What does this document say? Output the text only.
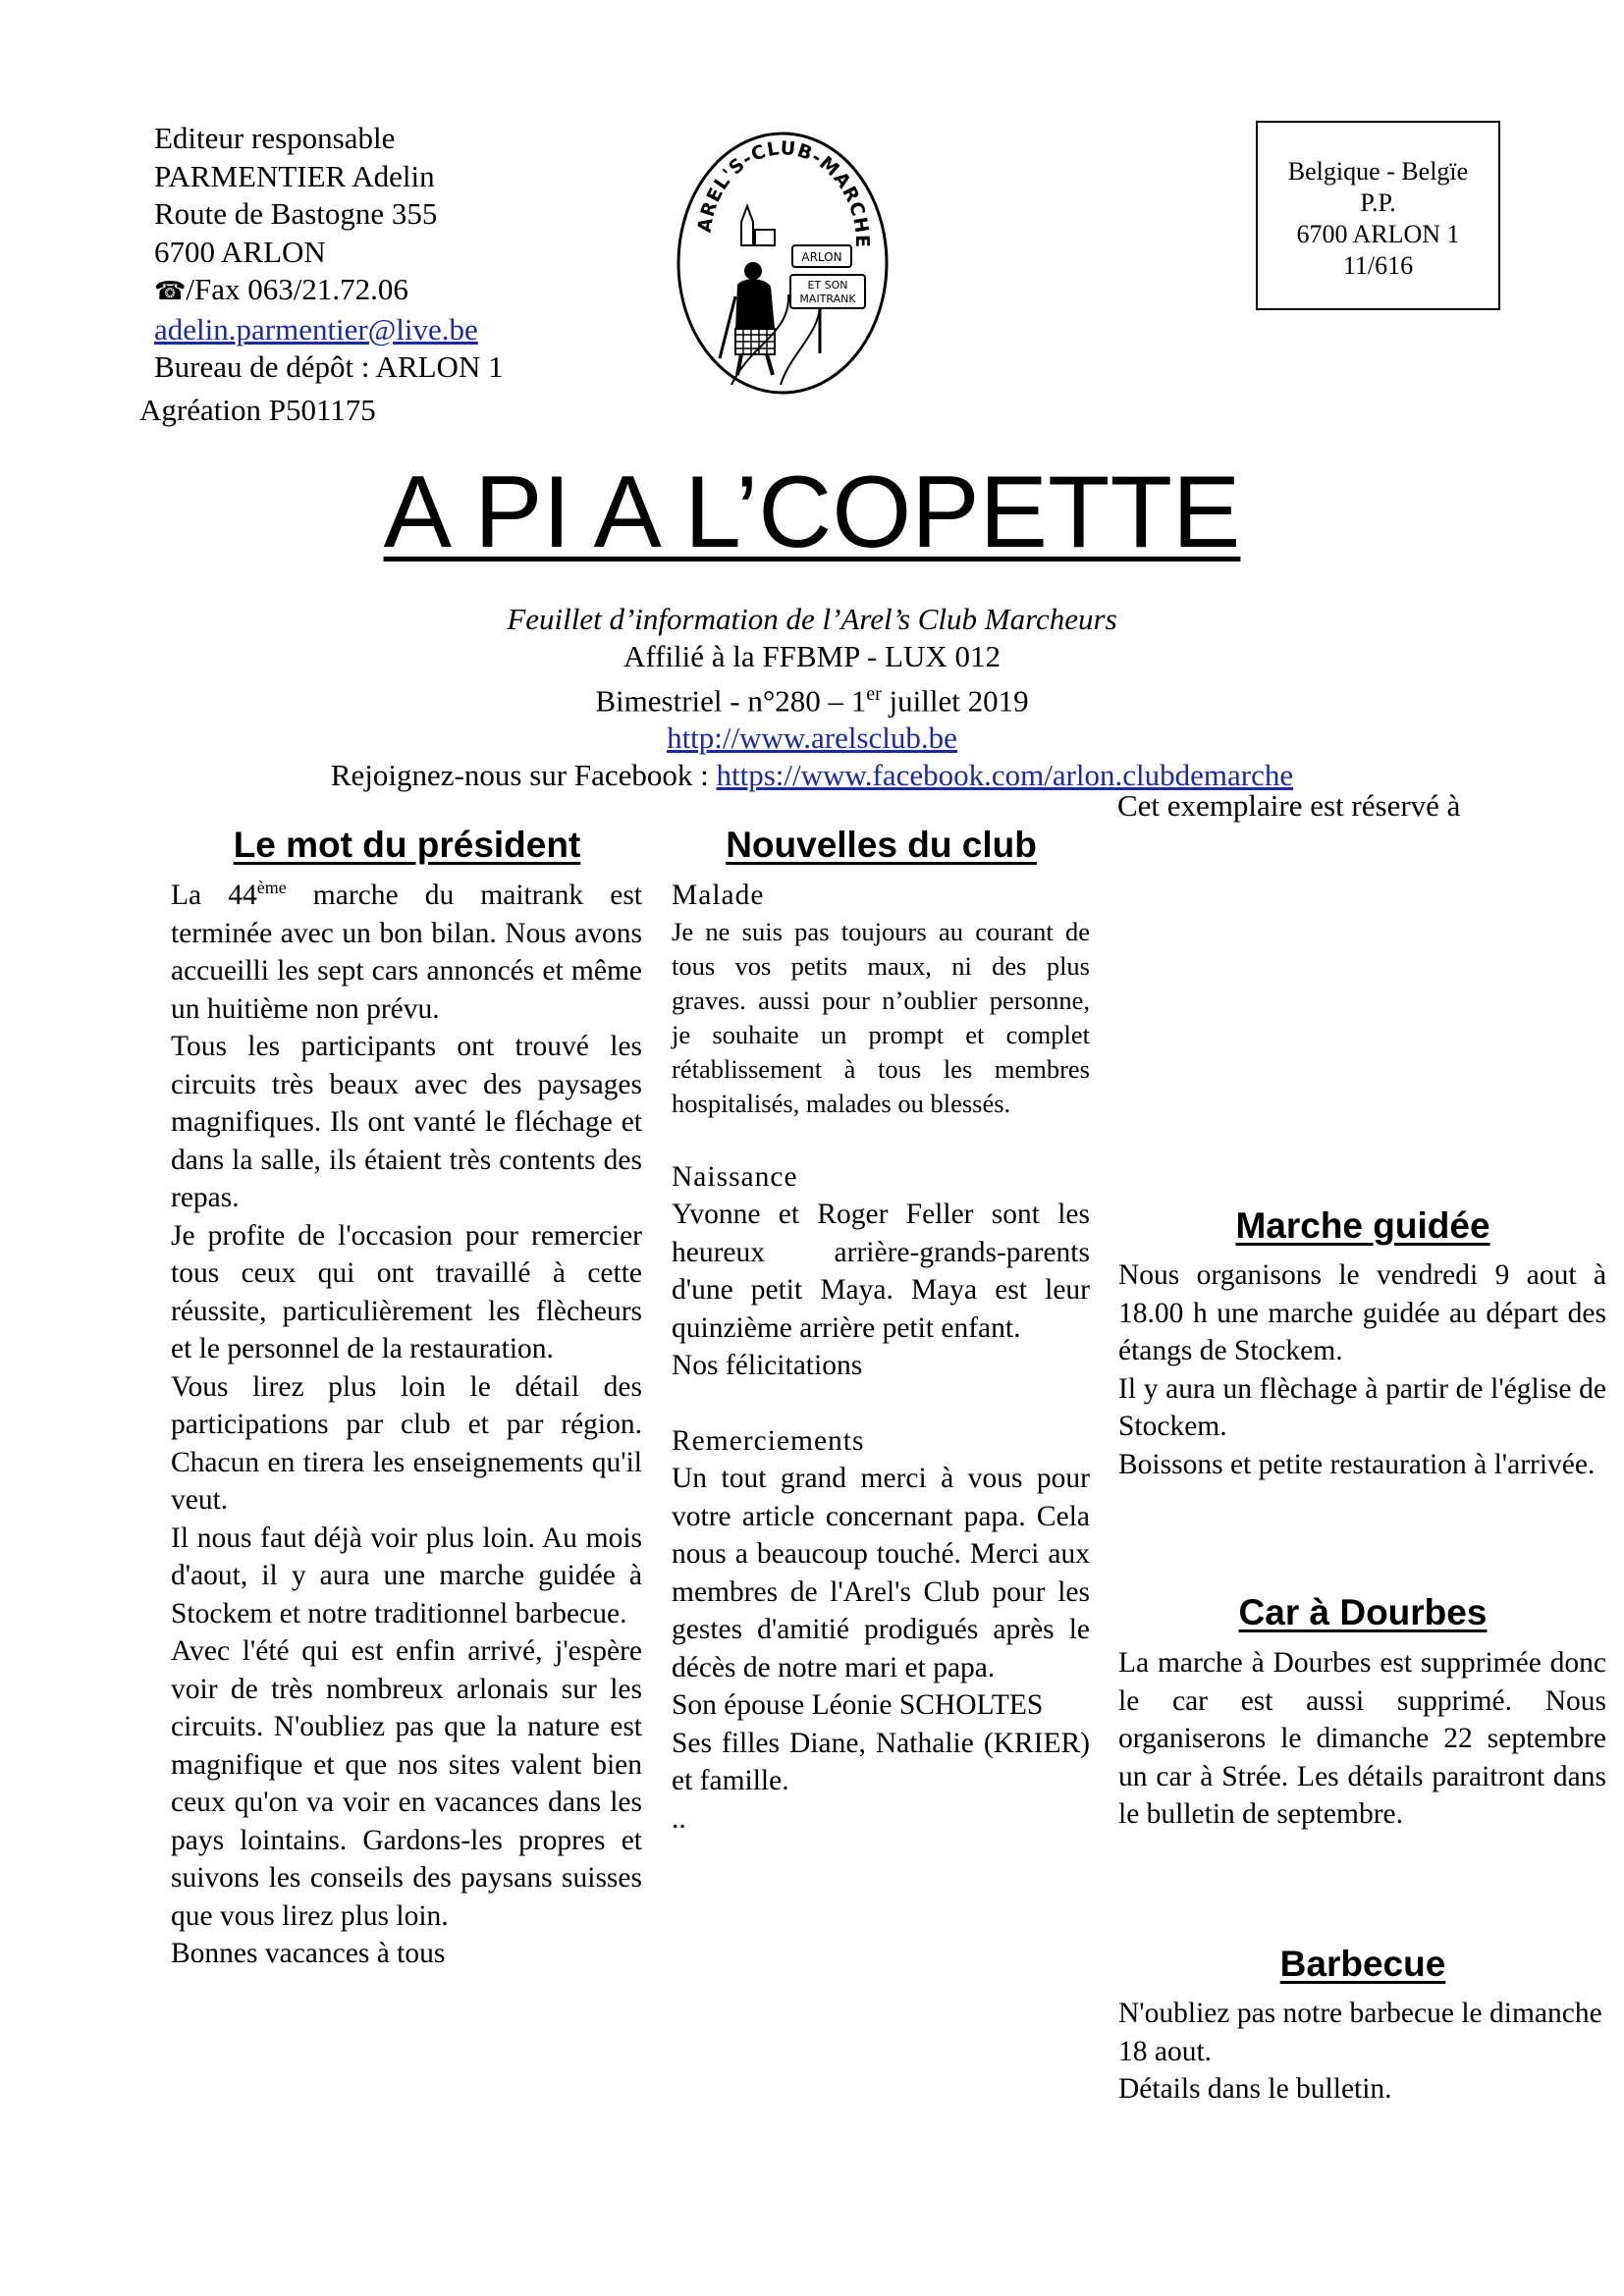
Editeur responsable
PARMENTIER Adelin
Route de Bastogne 355
6700 ARLON
☎/Fax 063/21.72.06
adelin.parmentier@live.be
Bureau de dépôt : ARLON 1
Agréation P501175
AREL'S-CLUB-MARCHE
ARLON
ET SON
MAITRANK
Belgique - Belgïe
P.P.
6700 ARLON 1
11/616
A PI A L’COPETTE
Feuillet d’information de l’Arel’s Club Marcheurs
Affilié à la FFBMP - LUX 012
Bimestriel - n°280 – 1er juillet 2019
http://www.arelsclub.be
Rejoignez-nous sur Facebook : https://www.facebook.com/arlon.clubdemarche
Cet exemplaire est réservé à
Le mot du président

La 44ème marche du maitrank est terminée avec un bon bilan. Nous avons accueilli les sept cars annoncés et même un huitième non prévu.

Tous les participants ont trouvé les circuits très beaux avec des paysages magnifiques. Ils ont vanté le fléchage et dans la salle, ils étaient très contents des repas.

Je profite de l'occasion pour remercier tous ceux qui ont travaillé à cette réussite, particulièrement les flècheurs et le personnel de la restauration.

Vous lirez plus loin le détail des participations par club et par région. Chacun en tirera les enseignements qu'il veut.

Il nous faut déjà voir plus loin. Au mois d'aout, il y aura une marche guidée à Stockem et notre traditionnel barbecue.

Avec l'été qui est enfin arrivé, j'espère voir de très nombreux arlonais sur les circuits. N'oubliez pas que la nature est magnifique et que nos sites valent bien ceux qu'on va voir en vacances dans les pays lointains. Gardons-les propres et suivons les conseils des paysans suisses que vous lirez plus loin.

Bonnes vacances à tous

Nouvelles du club

Malade

Je ne suis pas toujours au courant de tous vos petits maux, ni des plus graves. aussi pour n’oublier personne, je souhaite un prompt et complet rétablissement à tous les membres hospitalisés, malades ou blessés.

Naissance

Yvonne et Roger Feller sont les heureux arrière-grands-parents d'une petit Maya. Maya est leur quinzième arrière petit enfant.

Nos félicitations

Remerciements

Un tout grand merci à vous pour votre article concernant papa. Cela nous a beaucoup touché. Merci aux membres de l'Arel's Club pour les gestes d'amitié prodigués après le décès de notre mari et papa.

Son épouse Léonie SCHOLTES

Ses filles Diane, Nathalie (KRIER) et famille.

..

Marche guidée

Nous organisons le vendredi 9 aout à 18.00 h une marche guidée au départ des étangs de Stockem.

Il y aura un flèchage à partir de l'église de Stockem.

Boissons et petite restauration à l'arrivée.

Car à Dourbes

La marche à Dourbes est supprimée donc le car est aussi supprimé. Nous organiserons le dimanche 22 septembre un car à Strée. Les détails paraitront dans le bulletin de septembre.

Barbecue

N'oubliez pas notre barbecue le dimanche 18 aout.

Détails dans le bulletin.
